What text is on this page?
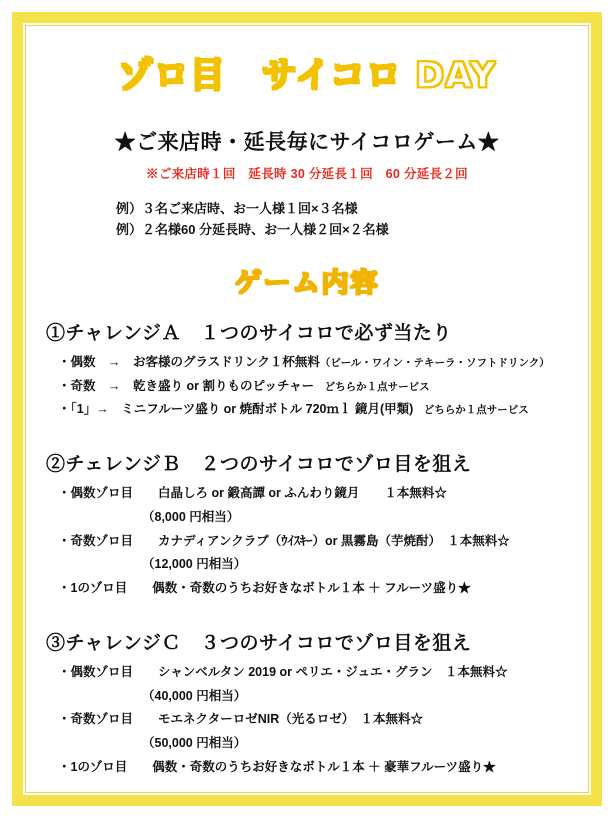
ゾロ目　サイコロ DAY
★ご来店時・延長毎にサイコロゲーム★
※ご来店時１回　延長時 30 分延長１回　60 分延長２回
例）３名ご来店時、お一人様１回×３名様
例）２名様60 分延長時、お一人様２回×２名様
ゲーム内容
①チャレンジＡ　１つのサイコロで必ず当たり
・偶数　→　お客様のグラスドリンク１杯無料（ビール・ワイン・テキーラ・ソフトドリンク）
・奇数　→　乾き盛り or 割りものピッチャー　どちらか１点サービス
・「1」→　ミニフルーツ盛り or 焼酎ボトル 720ｍｌ 鏡月(甲類)　どちらか１点サービス
②チェレンジＢ　２つのサイコロでゾロ目を狙え
・偶数ゾロ目　　白晶しろ or 鍛高譚 or ふんわり鏡月　　１本無料☆
（8,000 円相当）
・奇数ゾロ目　　カナディアンクラブ（ｳｲｽｷｰ）or 黒霧島（芋焼酎）　１本無料☆
（12,000 円相当）
・1のゾロ目　　偶数・奇数のうちお好きなボトル１本 ＋ フルーツ盛り★
③チャレンジＣ　３つのサイコロでゾロ目を狙え
・偶数ゾロ目　　シャンベルタン 2019 or ペリエ・ジュエ・グラン　１本無料☆
（40,000 円相当）
・奇数ゾロ目　　モエネクターロゼNIR（光るロゼ）　１本無料☆
（50,000 円相当）
・1のゾロ目　　偶数・奇数のうちお好きなボトル１本 ＋ 豪華フルーツ盛り★
